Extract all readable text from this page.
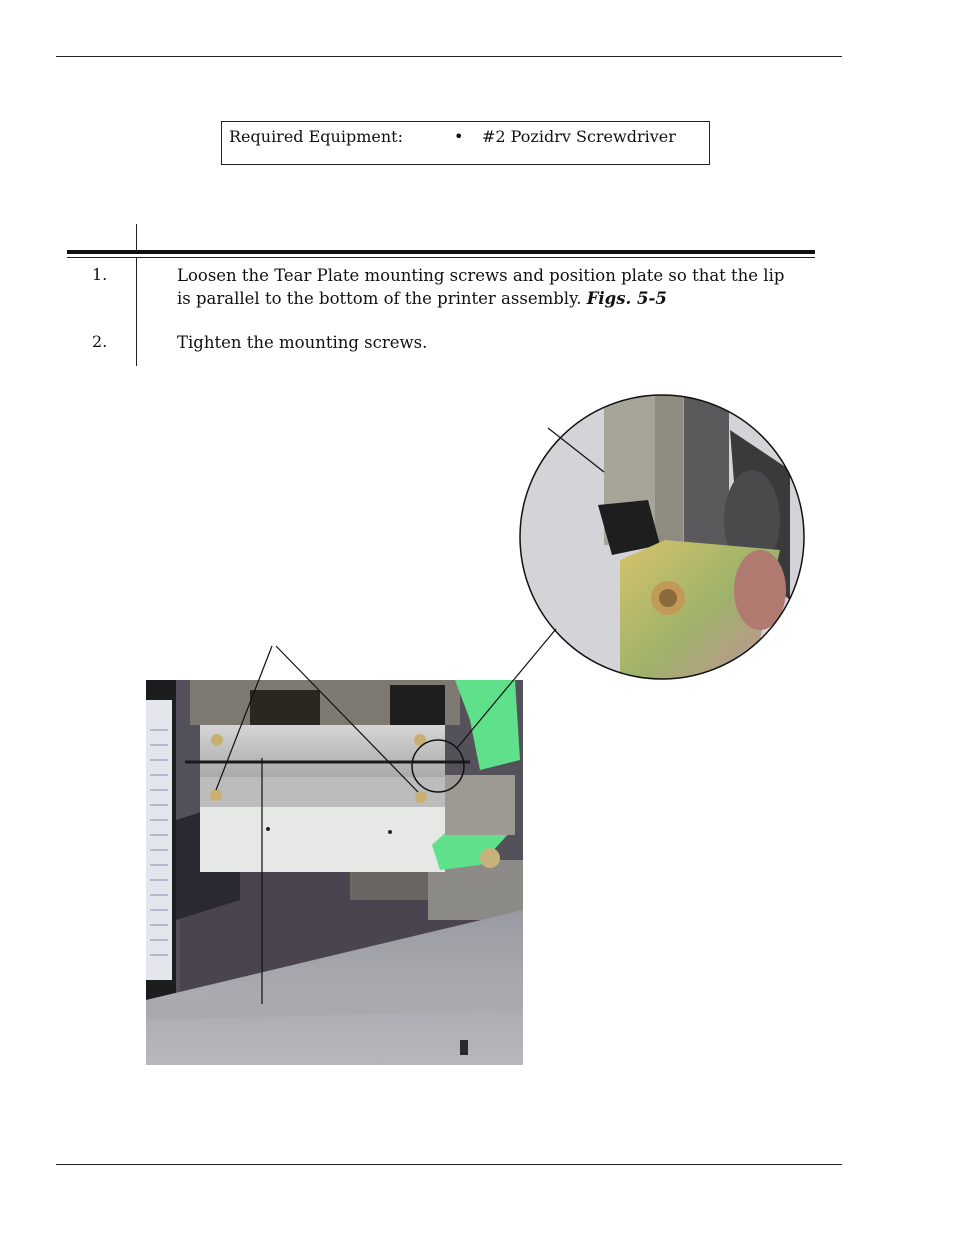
Required Equipment:	• #2 Pozidrv Screwdriver
1.	Loosen the Tear Plate mounting screws and position plate so that the lip is parallel to the bottom of the printer assembly. Figs. 5-5
2.	Tighten the mounting screws.
